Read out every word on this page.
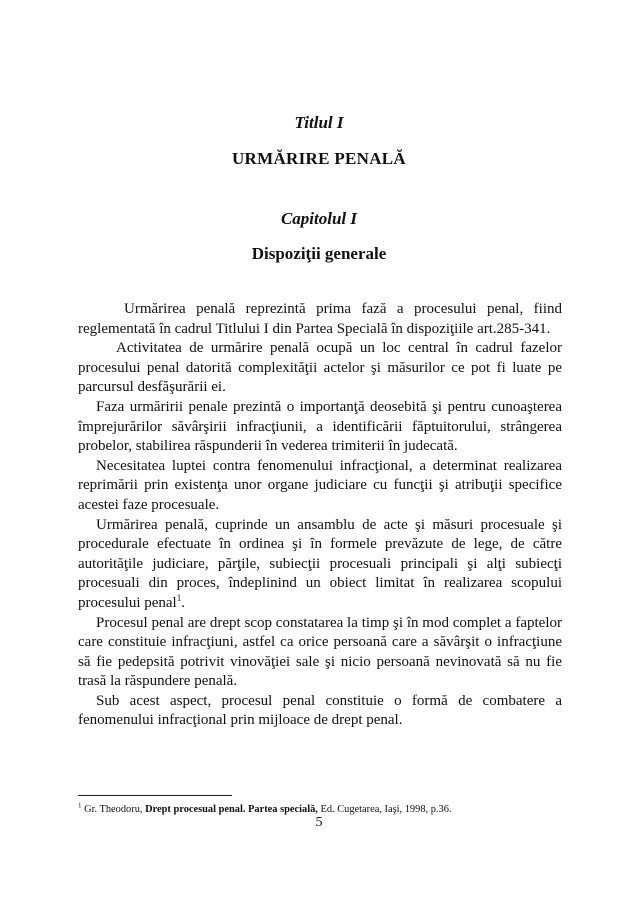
Titlul I
URMĂRIRE PENALĂ
Capitolul I
Dispoziţii generale

Urmărirea penală reprezintă prima fază a procesului penal, fiind reglementată în cadrul Titlului I din Partea Specială în dispoziţiile art.285-341.

Activitatea de urmărire penală ocupă un loc central în cadrul fazelor procesului penal datorită complexităţii actelor şi măsurilor ce pot fi luate pe parcursul desfăşurării ei.

Faza urmăririi penale prezintă o importanţă deosebită şi pentru cunoaşterea împrejurărilor săvârşirii infracţiunii, a identificării făptuitorului, strângerea probelor, stabilirea răspunderii în vederea trimiterii în judecată.

Necesitatea luptei contra fenomenului infracţional, a determinat realizarea reprimării prin existenţa unor organe judiciare cu funcţii şi atribuţii specifice acestei faze procesuale.

Urmărirea penală, cuprinde un ansamblu de acte şi măsuri procesuale şi procedurale efectuate în ordinea şi în formele prevăzute de lege, de către autorităţile judiciare, părţile, subiecţii procesuali principali şi alţi subiecţi procesuali din proces, îndeplinind un obiect limitat în realizarea scopului procesului penal$^1$.

Procesul penal are drept scop constatarea la timp şi în mod complet a faptelor care constituie infracţiuni, astfel ca orice persoană care a săvârşit o infracţiune să fie pedepsită potrivit vinovăţiei sale şi nicio persoană nevinovată să nu fie trasă la răspundere penală.

Sub acest aspect, procesul penal constituie o formă de combatere a fenomenului infracţional prin mijloace de drept penal.

$^1$ Gr. Theodoru, Drept procesual penal. Partea specială, Ed. Cugetarea, Iaşi, 1998, p.36.
5
